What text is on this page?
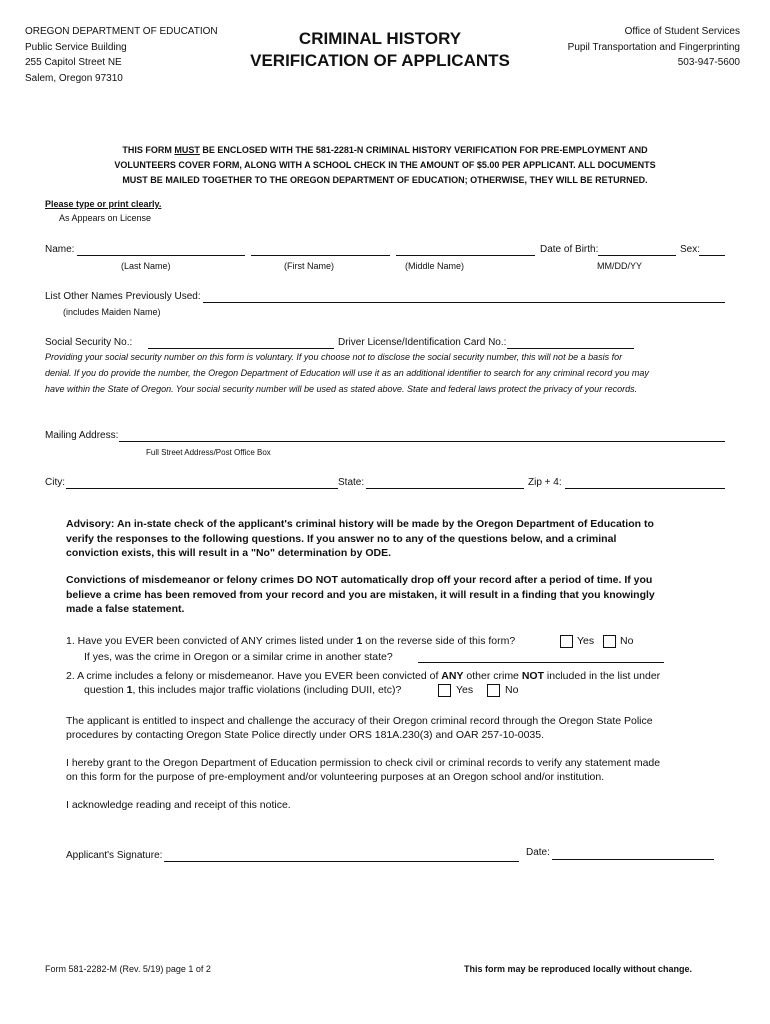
OREGON DEPARTMENT OF EDUCATION
Public Service Building
255 Capitol Street NE
Salem, Oregon 97310
CRIMINAL HISTORY
VERIFICATION OF APPLICANTS
Office of Student Services
Pupil Transportation and Fingerprinting
503-947-5600
THIS FORM MUST BE ENCLOSED WITH THE 581-2281-N CRIMINAL HISTORY VERIFICATION FOR PRE-EMPLOYMENT AND
VOLUNTEERS COVER FORM, ALONG WITH A SCHOOL CHECK IN THE AMOUNT OF $5.00 PER APPLICANT. ALL DOCUMENTS
MUST BE MAILED TOGETHER TO THE OREGON DEPARTMENT OF EDUCATION; OTHERWISE, THEY WILL BE RETURNED.
Please type or print clearly.
As Appears on License
Name:	Date of Birth:	Sex:
(Last Name)	(First Name)	(Middle Name)	MM/DD/YY
List Other Names Previously Used:
(includes Maiden Name)
Social Security No.:	Driver License/Identification Card No.:
Providing your social security number on this form is voluntary. If you choose not to disclose the social security number, this will not be a basis for
denial. If you do provide the number, the Oregon Department of Education will use it as an additional identifier to search for any criminal record you may
have within the State of Oregon. Your social security number will be used as stated above. State and federal laws protect the privacy of your records.
Mailing Address:
Full Street Address/Post Office Box
City:	State:	Zip + 4:
Advisory: An in-state check of the applicant's criminal history will be made by the Oregon Department of Education to
verify the responses to the following questions. If you answer no to any of the questions below, and a criminal
conviction exists, this will result in a "No" determination by ODE.
Convictions of misdemeanor or felony crimes DO NOT automatically drop off your record after a period of time. If you
believe a crime has been removed from your record and you are mistaken, it will result in a finding that you knowingly
made a false statement.
1. Have you EVER been convicted of ANY crimes listed under 1 on the reverse side of this form?	Yes No
If yes, was the crime in Oregon or a similar crime in another state?
2. A crime includes a felony or misdemeanor. Have you EVER been convicted of ANY other crime NOT included in the list under
question 1, this includes major traffic violations (including DUII, etc)?	Yes	No
The applicant is entitled to inspect and challenge the accuracy of their Oregon criminal record through the Oregon State Police
procedures by contacting Oregon State Police directly under ORS 181A.230(3) and OAR 257-10-0035.
I hereby grant to the Oregon Department of Education permission to check civil or criminal records to verify any statement made
on this form for the purpose of pre-employment and/or volunteering purposes at an Oregon school and/or institution.
I acknowledge reading and receipt of this notice.
Applicant's Signature:	Date:
Form 581-2282-M (Rev. 5/19) page 1 of 2	This form may be reproduced locally without change.
